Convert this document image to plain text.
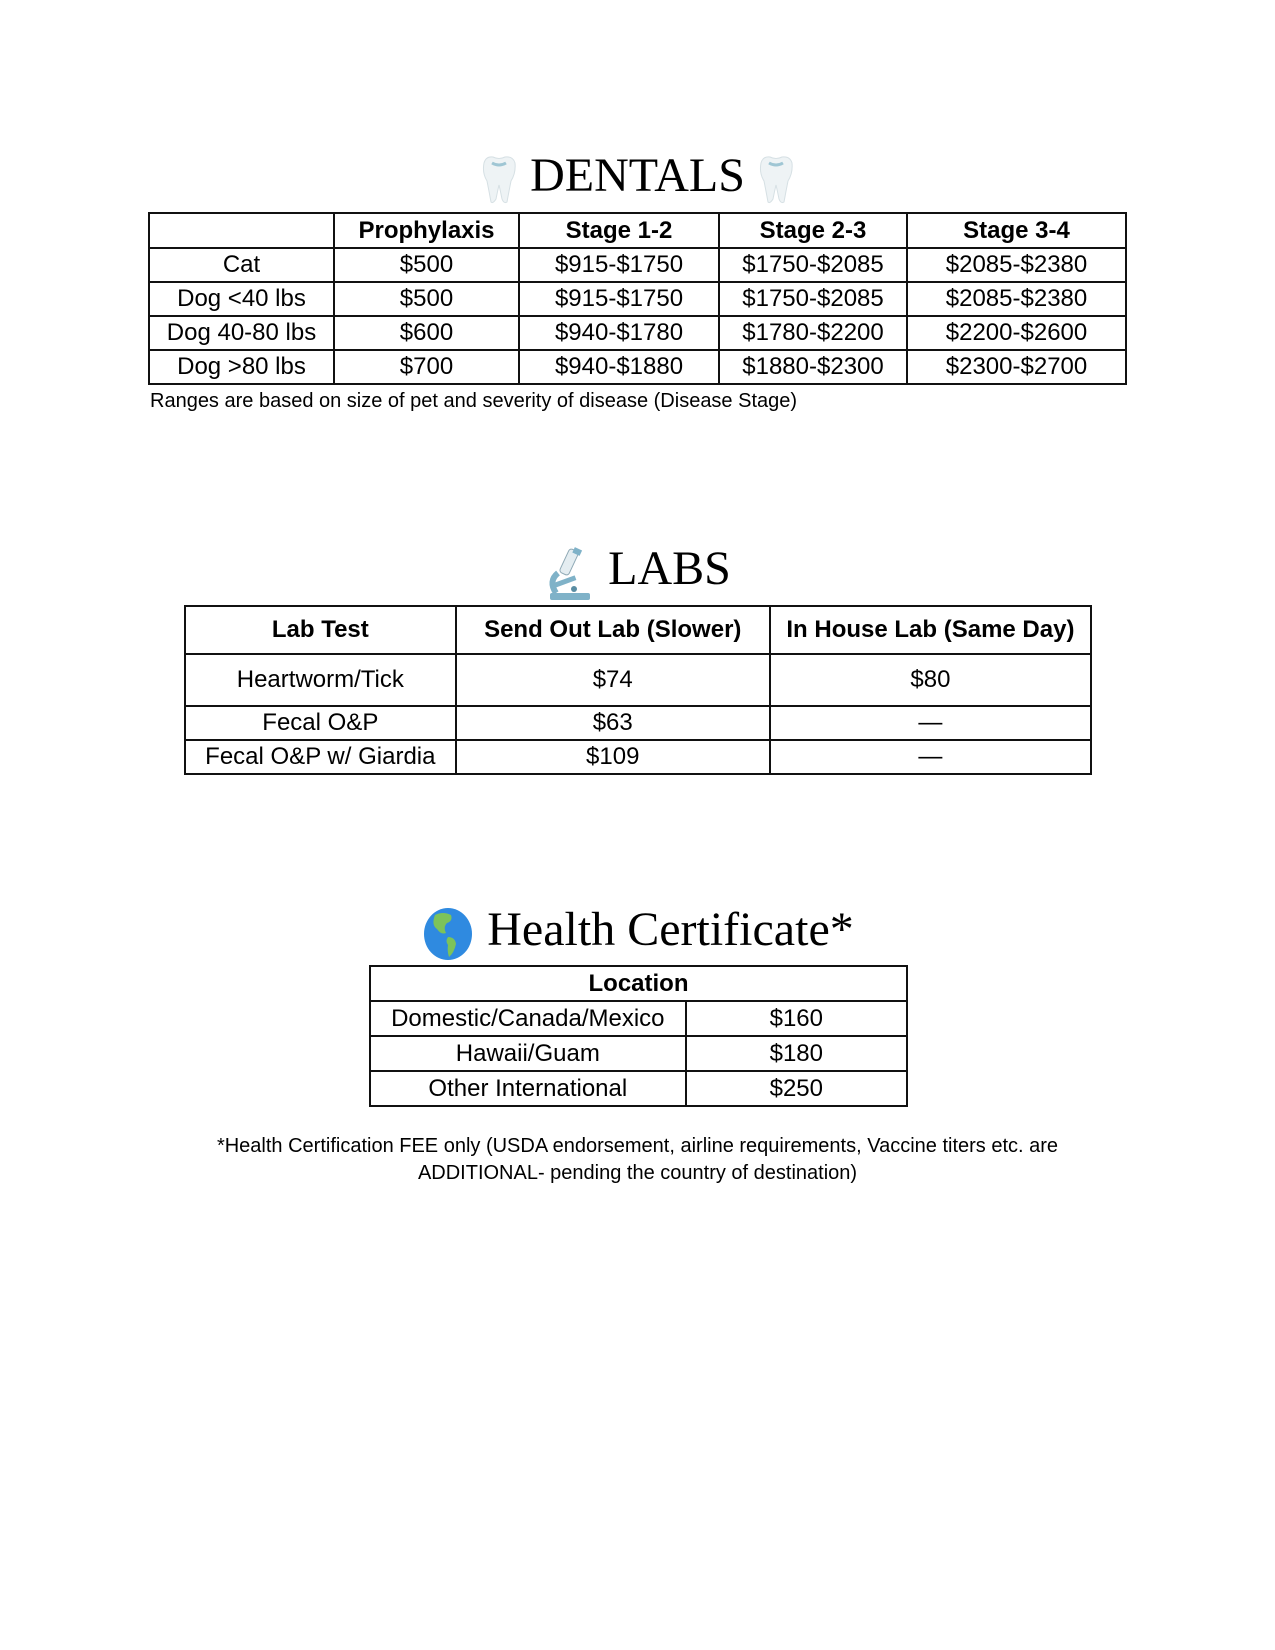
DENTALS
	Prophylaxis	Stage 1-2	Stage 2-3	Stage 3-4
Cat	$500	$915-$1750	$1750-$2085	$2085-$2380
Dog <40 lbs	$500	$915-$1750	$1750-$2085	$2085-$2380
Dog 40-80 lbs	$600	$940-$1780	$1780-$2200	$2200-$2600
Dog >80 lbs	$700	$940-$1880	$1880-$2300	$2300-$2700
Ranges are based on size of pet and severity of disease (Disease Stage)
LABS
Lab Test	Send Out Lab (Slower)	In House Lab (Same Day)
Heartworm/Tick	$74	$80
Fecal O&P	$63	—
Fecal O&P w/ Giardia	$109	—
Health Certificate*
Location	
Domestic/Canada/Mexico	$160
Hawaii/Guam	$180
Other International	$250
*Health Certification FEE only (USDA endorsement, airline requirements, Vaccine titers etc. are
ADDITIONAL- pending the country of destination)
